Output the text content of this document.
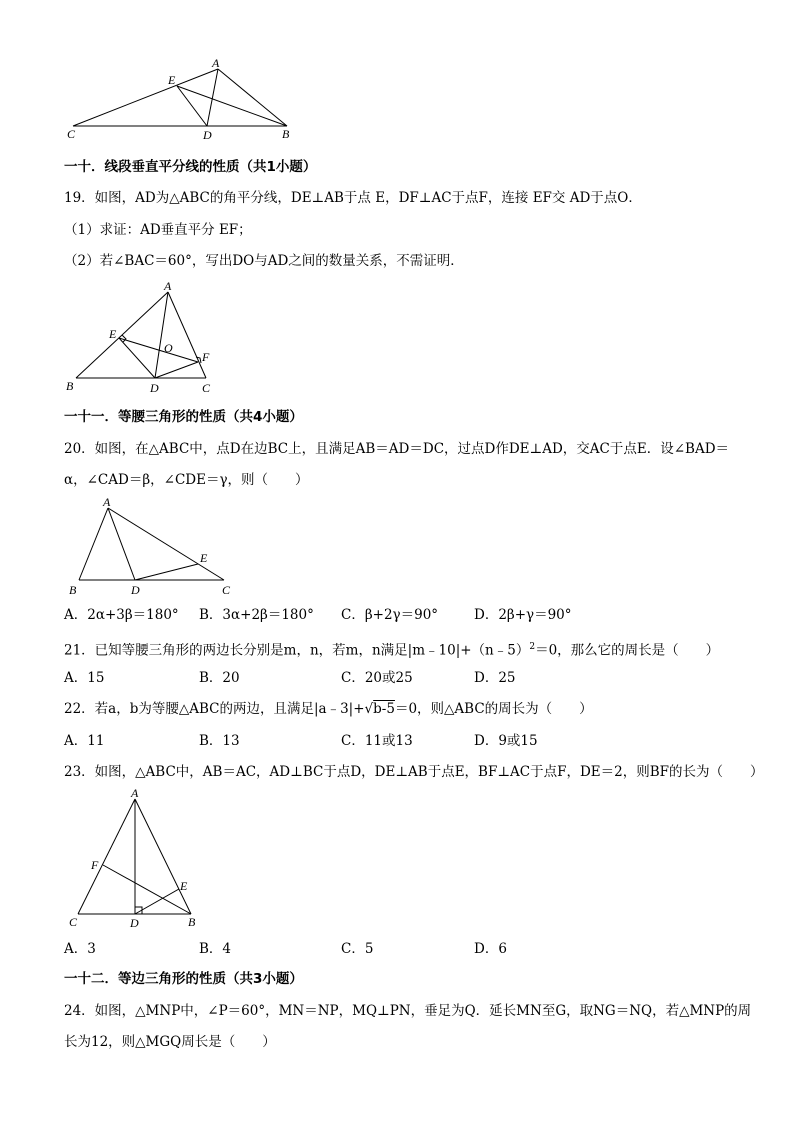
A
E
C	D	B
一十．线段垂直平分线的性质（共1小题）
19．如图，AD为△ABC的角平分线，DE⊥AB于点 E，DF⊥AC于点F，连接 EF交 AD于点O．
（1）求证：AD垂直平分 EF；
（2）若∠BAC＝60°，写出DO与AD之间的数量关系，不需证明．
A
E
O
F
B	D	C
一十一．等腰三角形的性质（共4小题）
20．如图，在△ABC中，点D在边BC上，且满足AB＝AD＝DC，过点D作DE⊥AD，交AC于点E．设∠BAD＝
α，∠CAD＝β，∠CDE＝γ，则（　　）
A
E
B	D	C
A．2α+3β＝180° B．3α+2β＝180° C．β+2γ＝90°	D．2β+γ＝90°
21．已知等腰三角形的两边长分别是m，n，若m，n满足|m﹣10|+（n﹣5）$^2$＝0，那么它的周长是（　　）
A．15	B．20	C．20或25	D．25
22．若a，b为等腰△ABC的两边，且满足|a﹣3|+√b-5＝0，则△ABC的周长为（　　）
A．11	B．13	C．11或13	D．9或15
23．如图，△ABC中，AB＝AC，AD⊥BC于点D，DE⊥AB于点E，BF⊥AC于点F，DE＝2，则BF的长为（　　）
A
F
E
C	D	B
A．3	B．4	C．5	D．6
一十二．等边三角形的性质（共3小题）
24．如图，△MNP中，∠P＝60°，MN＝NP，MQ⊥PN，垂足为Q．延长MN至G，取NG＝NQ，若△MNP的周
长为12，则△MGQ周长是（　　）
